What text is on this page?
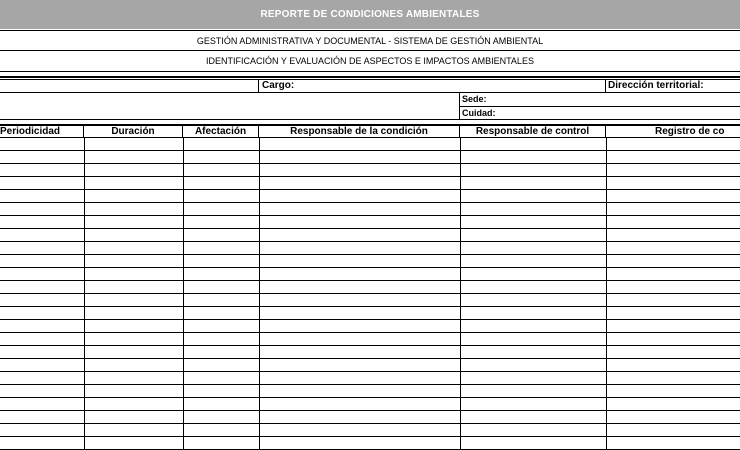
REPORTE DE CONDICIONES AMBIENTALES
GESTIÓN ADMINISTRATIVA Y DOCUMENTAL - SISTEMA DE GESTIÓN AMBIENTAL
IDENTIFICACIÓN Y EVALUACIÓN DE ASPECTOS E IMPACTOS AMBIENTALES
Cargo:	Dirección territorial:
Sede:
Cuidad:
Periodicidad	Duración	Afectación	Responsable de la condición	Responsable de control	Registro de co
